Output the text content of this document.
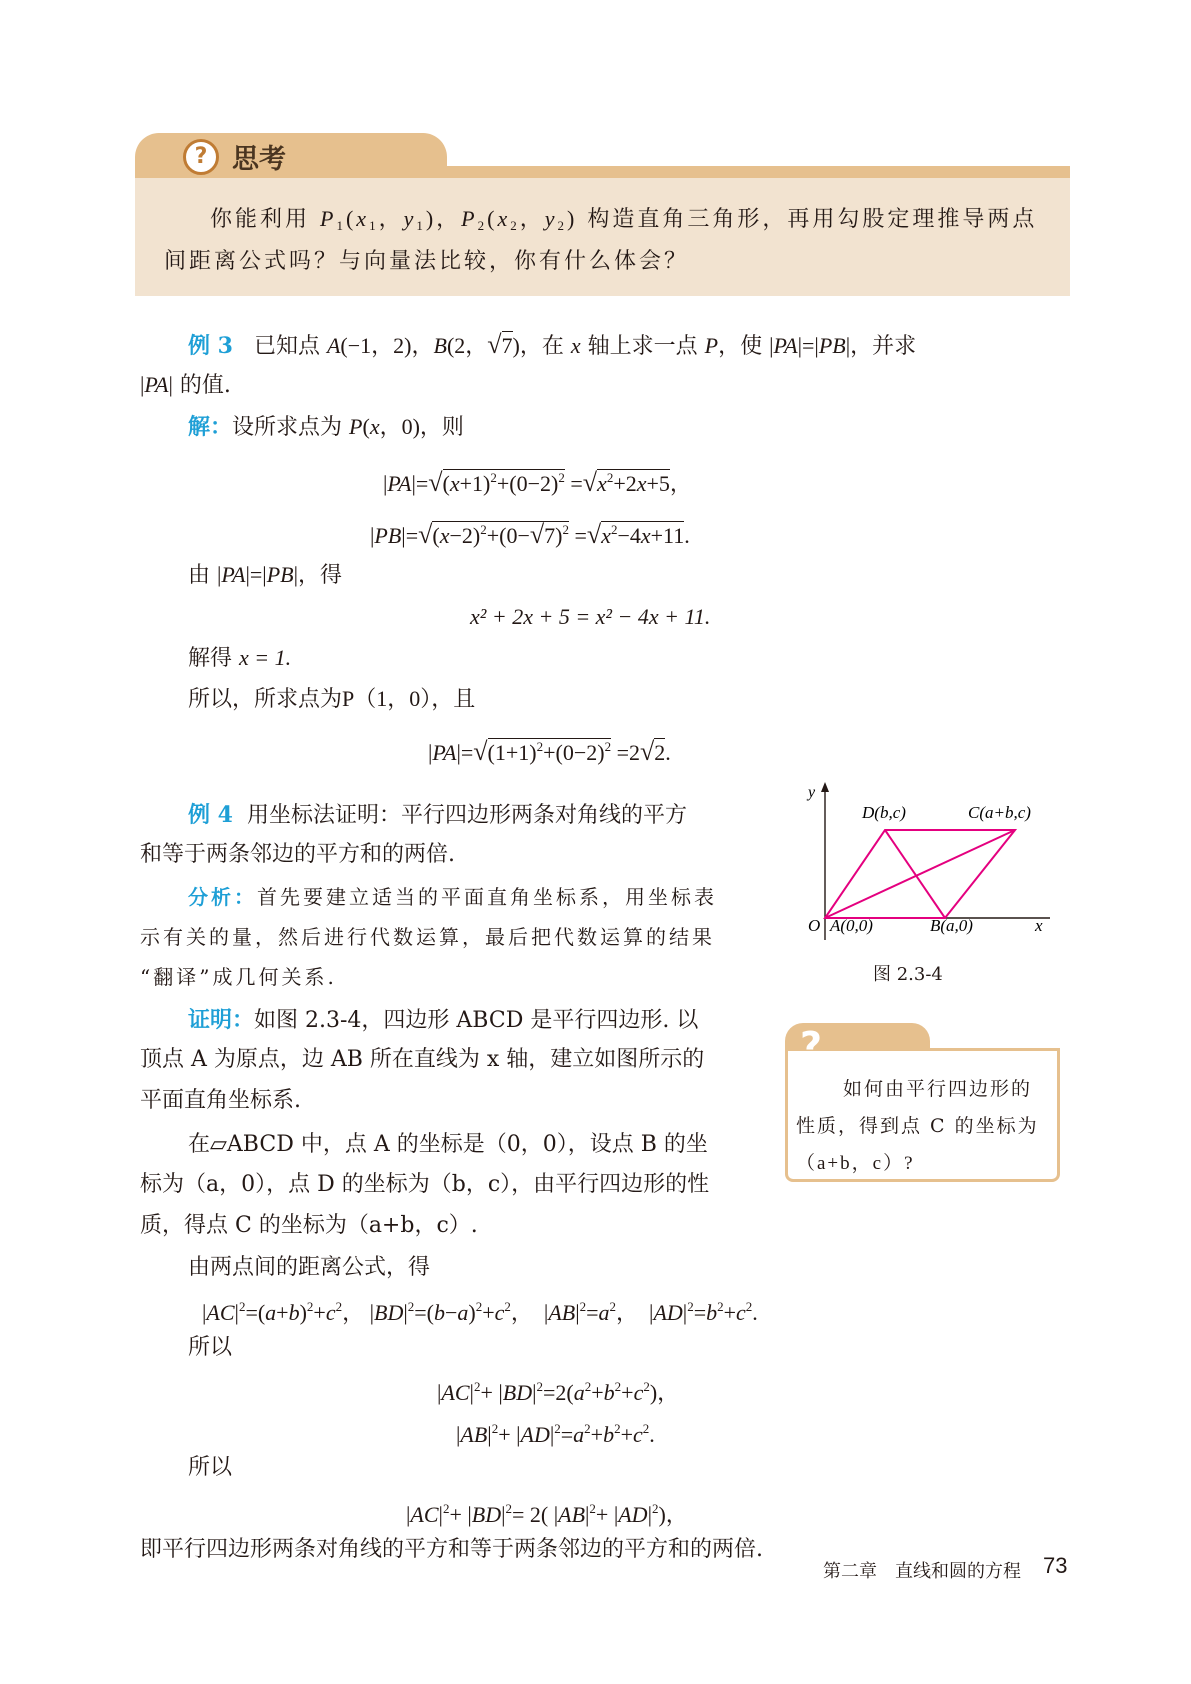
? 思考
你能利用 $P_1(x_1$，$y_1$)，$P_2(x_2$，$y_2$) 构造直角三角形，再用勾股定理推导两点
间距离公式吗？与向量法比较，你有什么体会？
例 3 已知点 A(−1，2)，B(2，√7)，在 x 轴上求一点 P，使 |PA|=|PB|，并求
|PA| 的值.
解：设所求点为 P(x，0)，则
$|PA|=√(x+1)^2+(0-2)^2 =√x^2+2x+5$，
$|PB|=√(x-2)^2+(0-√7)^2 =√x^2-4x+11$.
由 |PA|=|PB|，得
x² + 2x + 5 = x² − 4x + 11.
解得 x = 1.
所以，所求点为P（1，0），且
$|PA|=√(1+1)^2+(0-2)^2 =2√2$.
例 4 用坐标法证明：平行四边形两条对角线的平方
和等于两条邻边的平方和的两倍.
分析：首先要建立适当的平面直角坐标系，用坐标表
示有关的量，然后进行代数运算，最后把代数运算的结果
“翻译”成几何关系.
证明：如图 2.3-4，四边形 ABCD 是平行四边形. 以
顶点 A 为原点，边 AB 所在直线为 x 轴，建立如图所示的
平面直角坐标系.
在▱ABCD 中，点 A 的坐标是（0，0），设点 B 的坐
标为（a，0），点 D 的坐标为（b，c），由平行四边形的性
质，得点 C 的坐标为（a+b，c）.
由两点间的距离公式，得
$|AC|^2=(a+b)^2+c^2$， $|BD|^2=(b-a)^2+c^2$，  $|AB|^2=a^2$，  $|AD|^2=b^2+c^2$.
所以
$|AC|^2+ |BD|^2=2(a^2+b^2+c^2)$，
$|AB|^2+ |AD|^2=a^2+b^2+c^2$.
所以
$|AC|^2+ |BD|^2= 2$( $|AB|^2+ |AD|^2$)，
即平行四边形两条对角线的平方和等于两条邻边的平方和的两倍.
y
O A(0,0)	B(a,0)	x
D(b,c)	C(a+b,c)
图 2.3-4
?
如何由平行四边形的
性质，得到点 C 的坐标为
（a+b，c）?
第二章　直线和圆的方程 73
